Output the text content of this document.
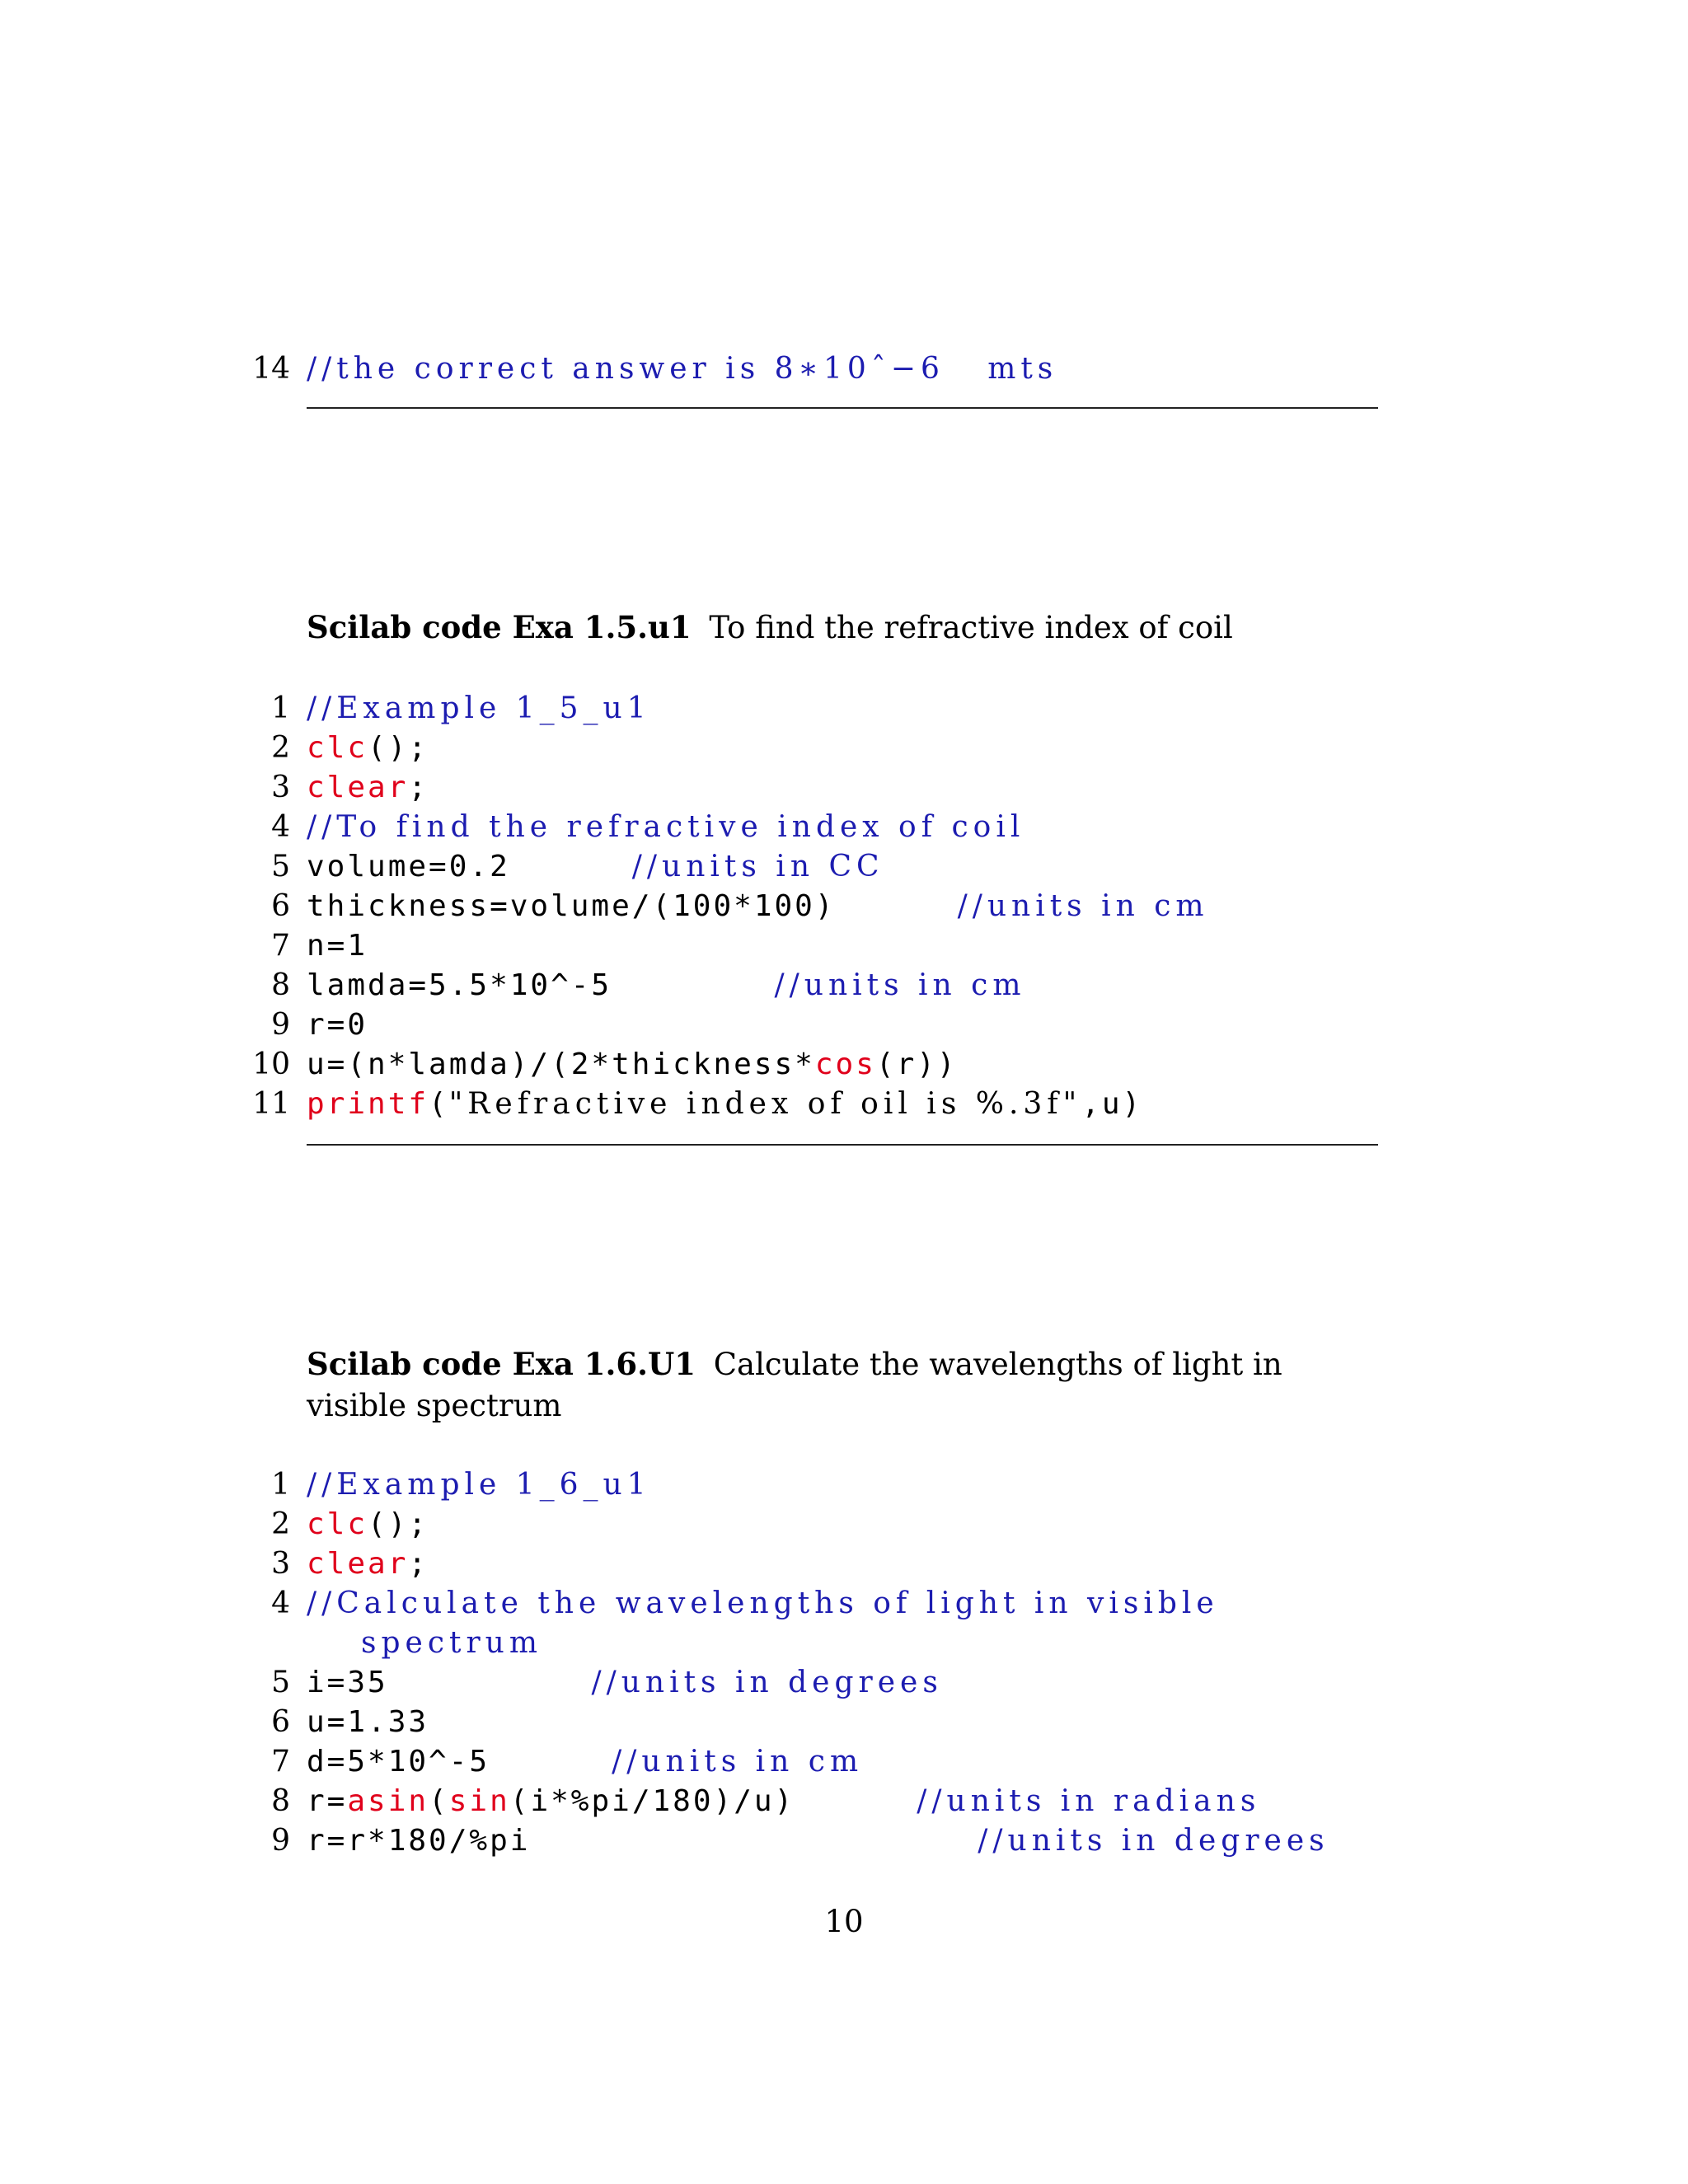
14 //the correct answer is 8∗10ˆ−6   mts
Scilab code Exa 1.5.u1 To find the refractive index of coil
1 //Example 1_5_u1
2 clc();
3 clear;
4 //To find the refractive index of coil
5 volume=0.2      //units in CC
6 thickness=volume/(100*100)      //units in cm
7 n=1
8 lamda=5.5*10^-5        //units in cm
9 r=0
10 u=(n*lamda)/(2*thickness*cos(r))
11 printf("Refractive index of oil is %.3f",u)
Scilab code Exa 1.6.U1 Calculate the wavelengths of light in visible spectrum
1 //Example 1_6_u1
2 clc();
3 clear;
4 //Calculate the wavelengths of light in visible
spectrum
5 i=35          //units in degrees
6 u=1.33
7 d=5*10^-5      //units in cm
8 r=asin(sin(i*%pi/180)/u)      //units in radians
9 r=r*180/%pi                      //units in degrees
10
